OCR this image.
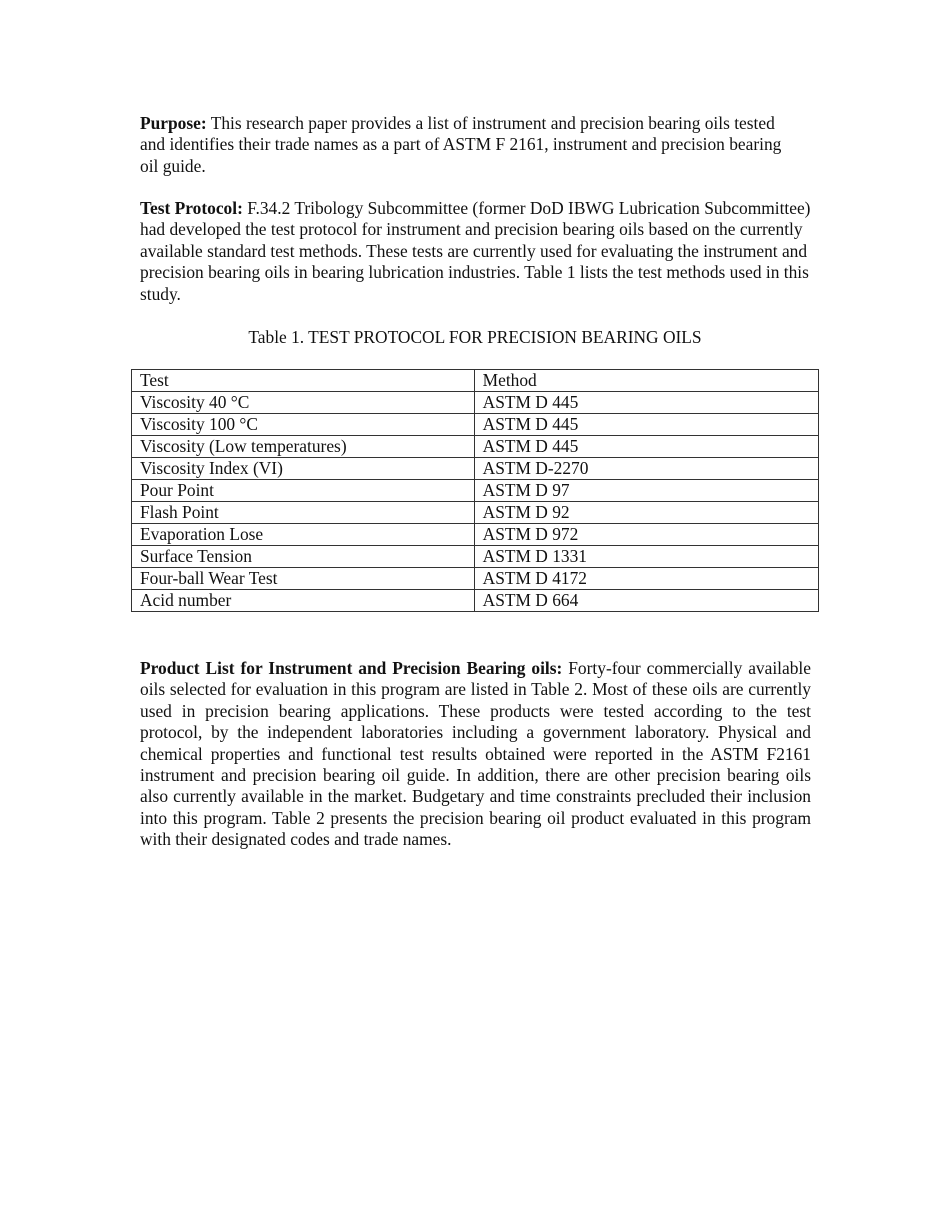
Purpose: This research paper provides a list of instrument and precision bearing oils tested and identifies their trade names as a part of ASTM F 2161, instrument and precision bearing oil guide.

Test Protocol: F.34.2 Tribology Subcommittee (former DoD IBWG Lubrication Subcommittee) had developed the test protocol for instrument and precision bearing oils based on the currently available standard test methods. These tests are currently used for evaluating the instrument and precision bearing oils in bearing lubrication industries. Table 1 lists the test methods used in this study.

Table 1. TEST PROTOCOL FOR PRECISION BEARING OILS

Test	Method
Viscosity 40 °C	ASTM D 445
Viscosity 100 °C	ASTM D 445
Viscosity (Low temperatures)	ASTM D 445
Viscosity Index (VI)	ASTM D-2270
Pour Point	ASTM D 97
Flash Point	ASTM D 92
Evaporation Lose	ASTM D 972
Surface Tension	ASTM D 1331
Four-ball Wear Test	ASTM D 4172
Acid number	ASTM D 664

Product List for Instrument and Precision Bearing oils: Forty-four commercially available oils selected for evaluation in this program are listed in Table 2. Most of these oils are currently used in precision bearing applications. These products were tested according to the test protocol, by the independent laboratories including a government laboratory. Physical and chemical properties and functional test results obtained were reported in the ASTM F2161 instrument and precision bearing oil guide. In addition, there are other precision bearing oils also currently available in the market. Budgetary and time constraints precluded their inclusion into this program. Table 2 presents the precision bearing oil product evaluated in this program with their designated codes and trade names.
